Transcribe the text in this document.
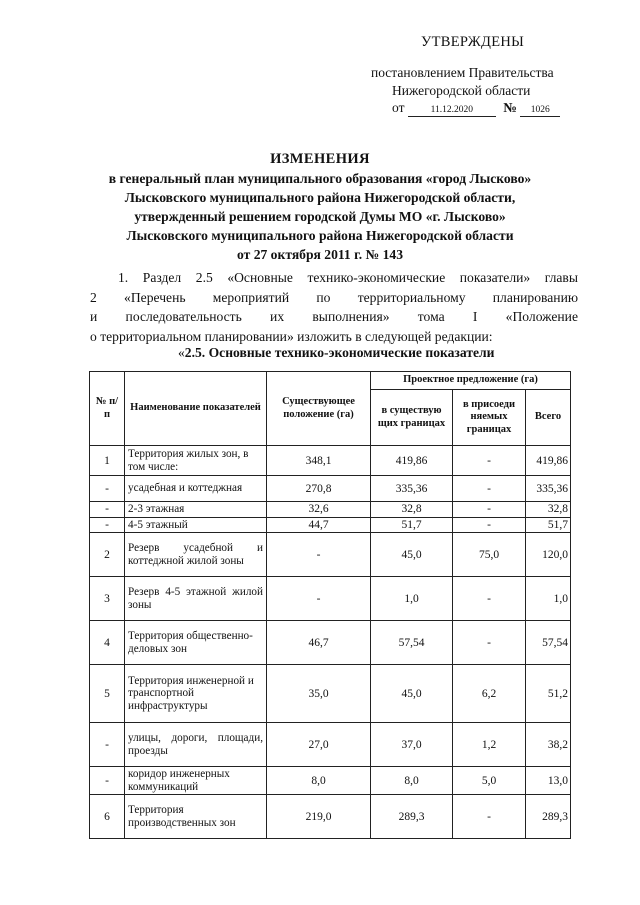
УТВЕРЖДЕНЫ
постановлением Правительства
Нижегородской области
от	11.12.2020 № 1026
ИЗМЕНЕНИЯ
в генеральный план муниципального образования «город Лысково»
Лысковского муниципального района Нижегородской области,
утвержденный решением городской Думы МО «г. Лысково»
Лысковского муниципального района Нижегородской области
от 27 октября 2011 г. № 143
1. Раздел 2.5 «Основные технико-экономические показатели» главы
2 «Перечень мероприятий по территориальному планированию
и последовательность их выполнения» тома I «Положение
о территориальном планировании» изложить в следующей редакции:
«2.5. Основные технико-экономические показатели
№ п/п	Наименование показателей	Существующее положение (га)	Проектное предложение (га)		
			в существую щих границах	в присоеди няемых границах	Всего
1	Территория жилых зон, в том числе:	348,1	419,86	-	419,86
-	усадебная и коттеджная	270,8	335,36	-	335,36
-	2-3 этажная	32,6	32,8	-	32,8
-	4-5 этажный	44,7	51,7	-	51,7
2	Резерв усадебной и коттеджной жилой зоны	-	45,0	75,0	120,0
3	Резерв 4-5 этажной жилой зоны	-	1,0	-	1,0
4	Территория общественно-деловых зон	46,7	57,54	-	57,54
5	Территория инженерной и транспортной инфраструктуры	35,0	45,0	6,2	51,2
-	улицы, дороги, площади, проезды	27,0	37,0	1,2	38,2
-	коридор инженерных коммуникаций	8,0	8,0	5,0	13,0
6	Территория производственных зон	219,0	289,3	-	289,3
